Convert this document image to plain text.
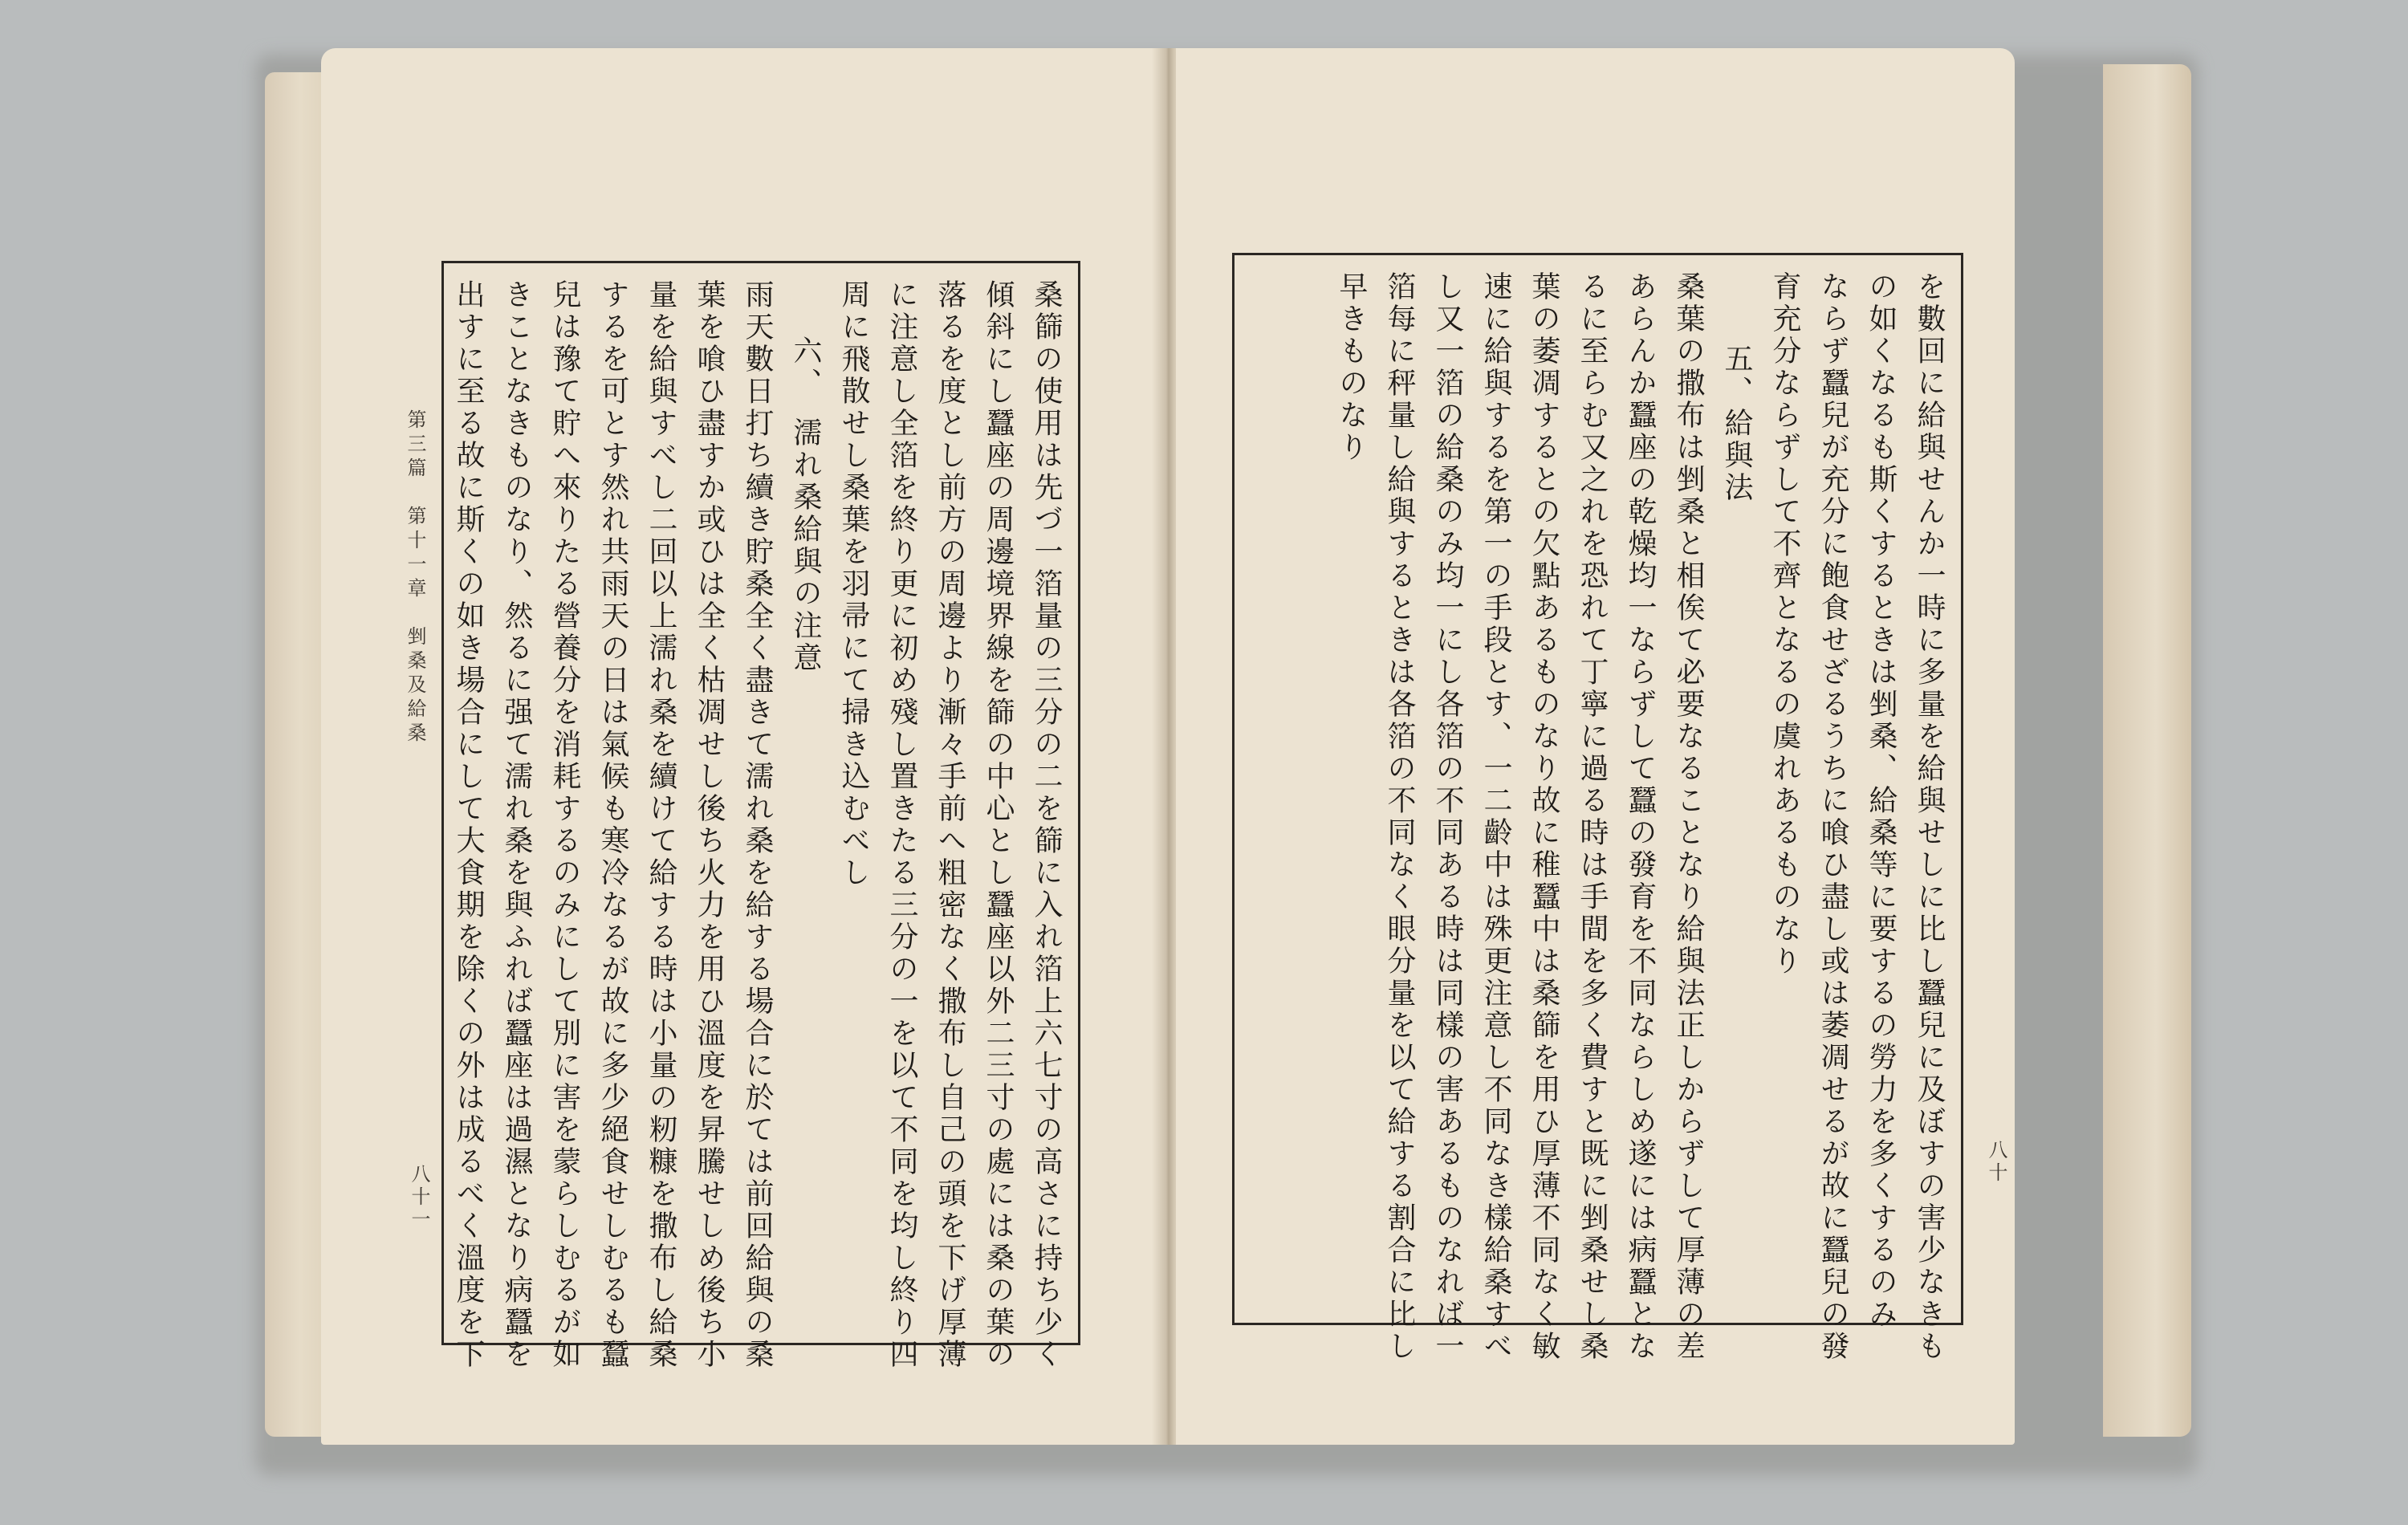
第三篇　第十一章　剉桑及給桑
八十一	桑篩の使用は先づ一箔量の三分の二を篩に入れ箔上六七寸の高さに持ち少く
傾斜にし蠶座の周邊境界線を篩の中心とし蠶座以外二三寸の處には桑の葉の
落るを度とし前方の周邊より漸々手前へ粗密なく撒布し自己の頭を下げ厚薄
に注意し全箔を終り更に初め殘し置きたる三分の一を以て不同を均し終り四
周に飛散せし桑葉を羽帚にて掃き込むべし
六、　濡れ桑給與の注意
雨天數日打ち續き貯桑全く盡きて濡れ桑を給する場合に於ては前回給與の桑
葉を喰ひ盡すか或ひは全く枯凋せし後ち火力を用ひ溫度を昇騰せしめ後ち小
量を給與すべし二回以上濡れ桑を續けて給する時は小量の籾糠を撒布し給桑
するを可とす然れ共雨天の日は氣候も寒冷なるが故に多少絕食せしむるも蠶
兒は豫て貯へ來りたる營養分を消耗するのみにして別に害を蒙らしむるが如
きことなきものなり、然るに强て濡れ桑を與ふれば蠶座は過濕となり病蠶を
出すに至る故に斯くの如き場合にして大食期を除くの外は成るべく溫度を下	八十
を數回に給與せんか一時に多量を給與せしに比し蠶兒に及ぼすの害少なきも
の如くなるも斯くするときは剉桑、給桑等に要するの勞力を多くするのみ
ならず蠶兒が充分に飽食せざるうちに喰ひ盡し或は萎凋せるが故に蠶兒の發
育充分ならずして不齊となるの虞れあるものなり
五、給與法
桑葉の撒布は剉桑と相俟て必要なることなり給與法正しからずして厚薄の差
あらんか蠶座の乾燥均一ならずして蠶の發育を不同ならしめ遂には病蠶とな
るに至らむ又之れを恐れて丁寧に過る時は手間を多く費すと既に剉桑せし桑
葉の萎凋するとの欠點あるものなり故に稚蠶中は桑篩を用ひ厚薄不同なく敏
速に給與するを第一の手段とす、一二齡中は殊更注意し不同なき樣給桑すべ
し又一箔の給桑のみ均一にし各箔の不同ある時は同樣の害あるものなれば一
箔每に秤量し給與するときは各箔の不同なく眼分量を以て給する割合に比し
早きものなり
